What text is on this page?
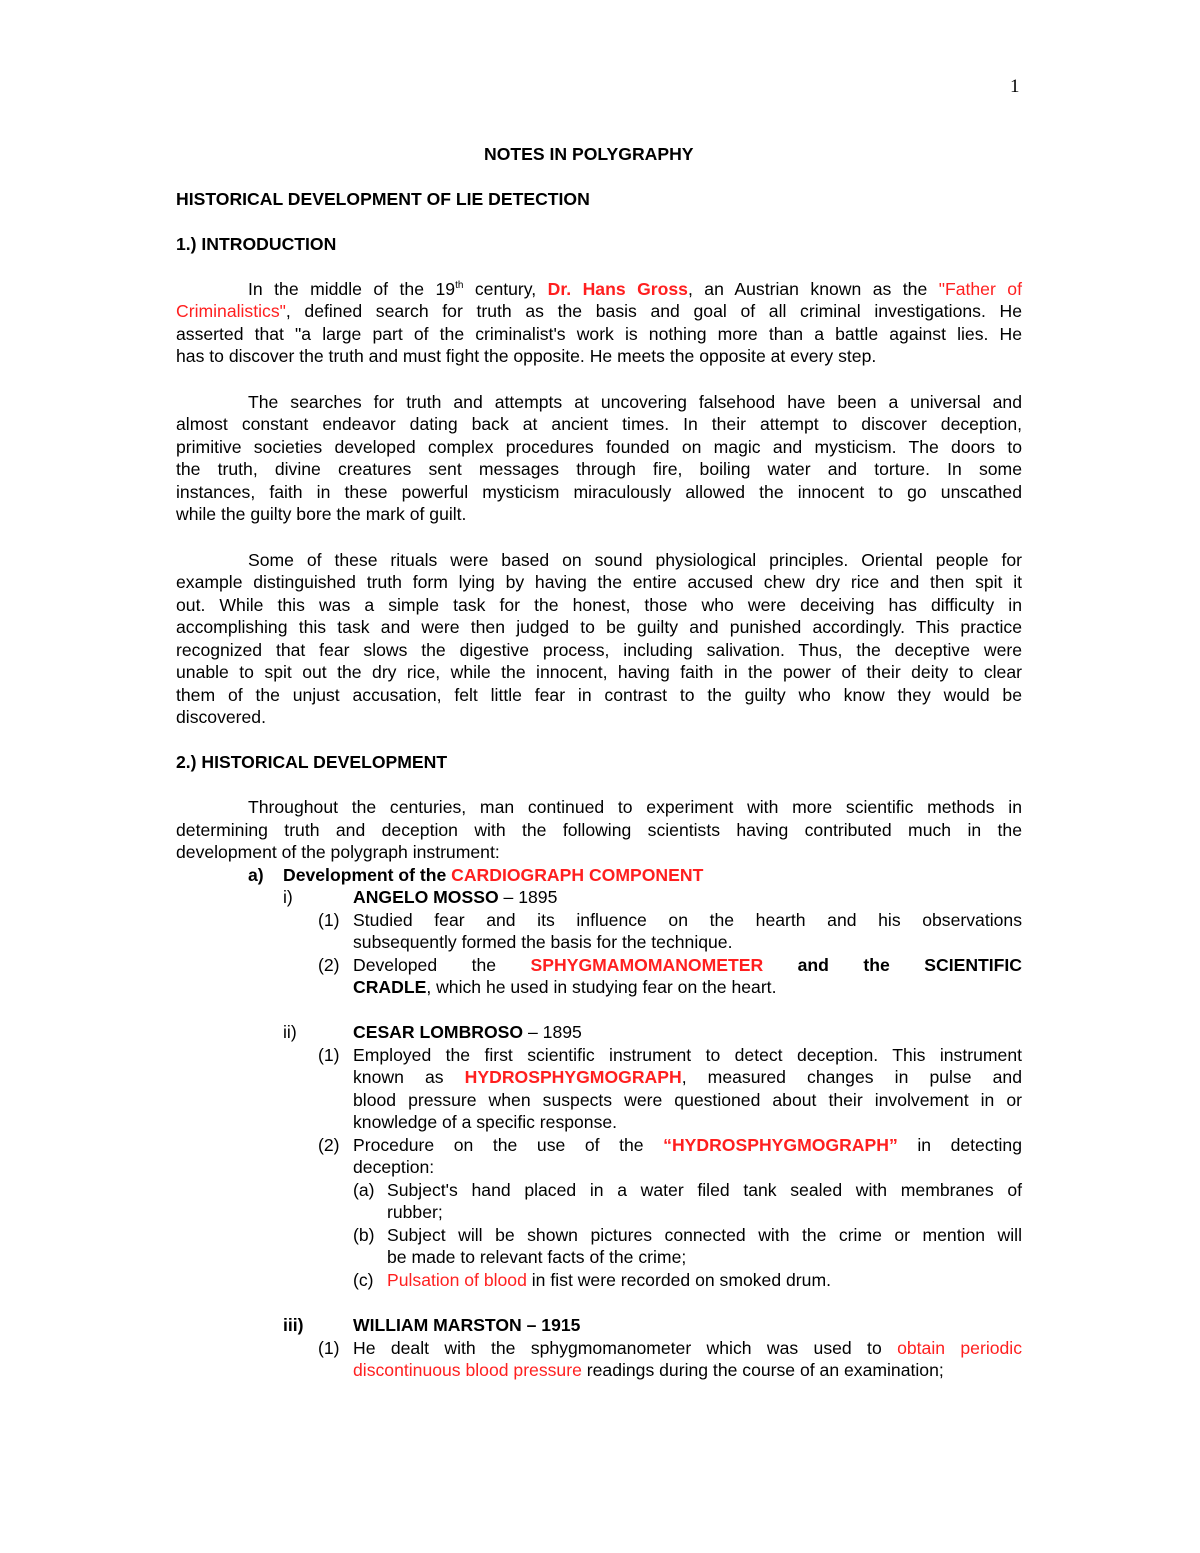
1
NOTES IN POLYGRAPHY
HISTORICAL DEVELOPMENT OF LIE DETECTION
1.) INTRODUCTION
In the middle of the 19th century, Dr. Hans Gross, an Austrian known as the "Father of
Criminalistics", defined search for truth as the basis and goal of all criminal investigations. He
asserted that "a large part of the criminalist's work is nothing more than a battle against lies. He
has to discover the truth and must fight the opposite. He meets the opposite at every step.
The searches for truth and attempts at uncovering falsehood have been a universal and
almost constant endeavor dating back at ancient times. In their attempt to discover deception,
primitive societies developed complex procedures founded on magic and mysticism. The doors to
the truth, divine creatures sent messages through fire, boiling water and torture. In some
instances, faith in these powerful mysticism miraculously allowed the innocent to go unscathed
while the guilty bore the mark of guilt.
Some of these rituals were based on sound physiological principles. Oriental people for
example distinguished truth form lying by having the entire accused chew dry rice and then spit it
out. While this was a simple task for the honest, those who were deceiving has difficulty in
accomplishing this task and were then judged to be guilty and punished accordingly. This practice
recognized that fear slows the digestive process, including salivation. Thus, the deceptive were
unable to spit out the dry rice, while the innocent, having faith in the power of their deity to clear
them of the unjust accusation, felt little fear in contrast to the guilty who know they would be
discovered.
2.) HISTORICAL DEVELOPMENT
Throughout the centuries, man continued to experiment with more scientific methods in
determining truth and deception with the following scientists having contributed much in the
development of the polygraph instrument:
a) Development of the CARDIOGRAPH COMPONENT
i)	ANGELO MOSSO – 1895
(1) Studied fear and its influence on the hearth and his observations
subsequently formed the basis for the technique.
(2) Developed the SPHYGMAMOMANOMETER and the SCIENTIFIC
CRADLE, which he used in studying fear on the heart.
ii)	CESAR LOMBROSO – 1895
(1) Employed the first scientific instrument to detect deception. This instrument
known as HYDROSPHYGMOGRAPH, measured changes in pulse and
blood pressure when suspects were questioned about their involvement in or
knowledge of a specific response.
(2) Procedure on the use of the “HYDROSPHYGMOGRAPH” in detecting
deception:
(a) Subject's hand placed in a water filed tank sealed with membranes of
rubber;
(b) Subject will be shown pictures connected with the crime or mention will
be made to relevant facts of the crime;
(c) Pulsation of blood in fist were recorded on smoked drum.
iii)	WILLIAM MARSTON – 1915
(1) He dealt with the sphygmomanometer which was used to obtain periodic
discontinuous blood pressure readings during the course of an examination;
